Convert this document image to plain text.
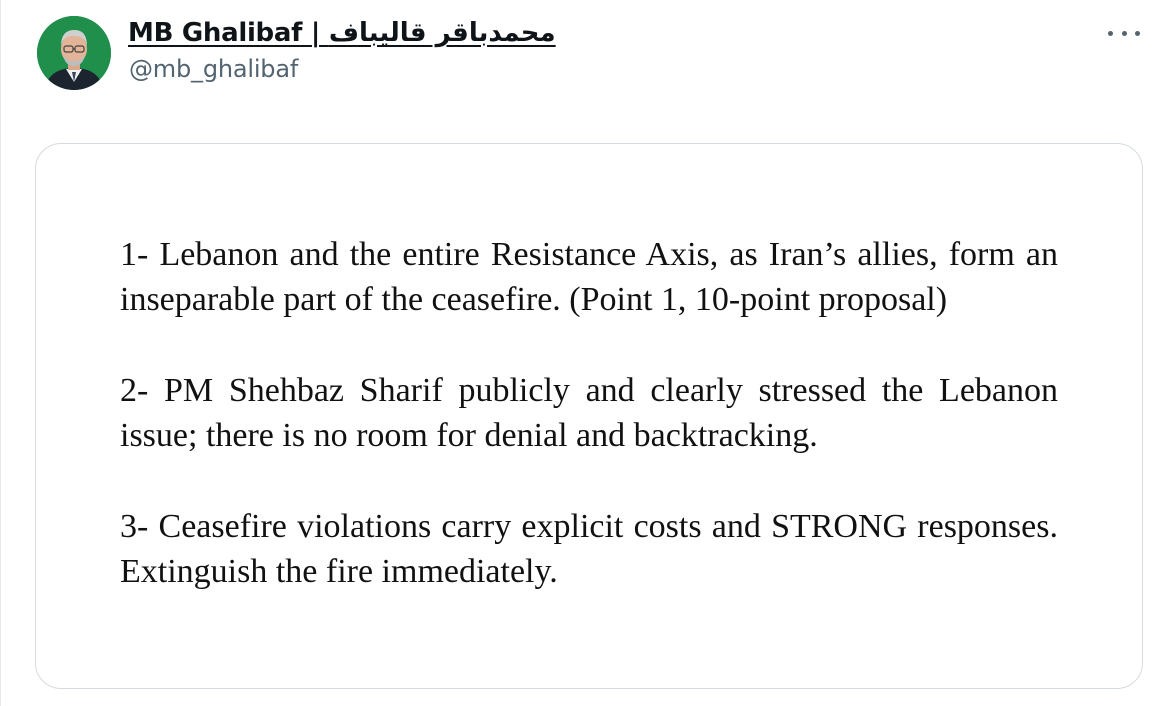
MB Ghalibaf | محمدباقر قالیباف
@mb_ghalibaf

1- Lebanon and the entire Resistance Axis, as Iran’s allies, form an inseparable part of the ceasefire. (Point 1, 10-point proposal)

2- PM Shehbaz Sharif publicly and clearly stressed the Lebanon issue; there is no room for denial and backtracking.

3- Ceasefire violations carry explicit costs and STRONG responses. Extinguish the fire immediately.
